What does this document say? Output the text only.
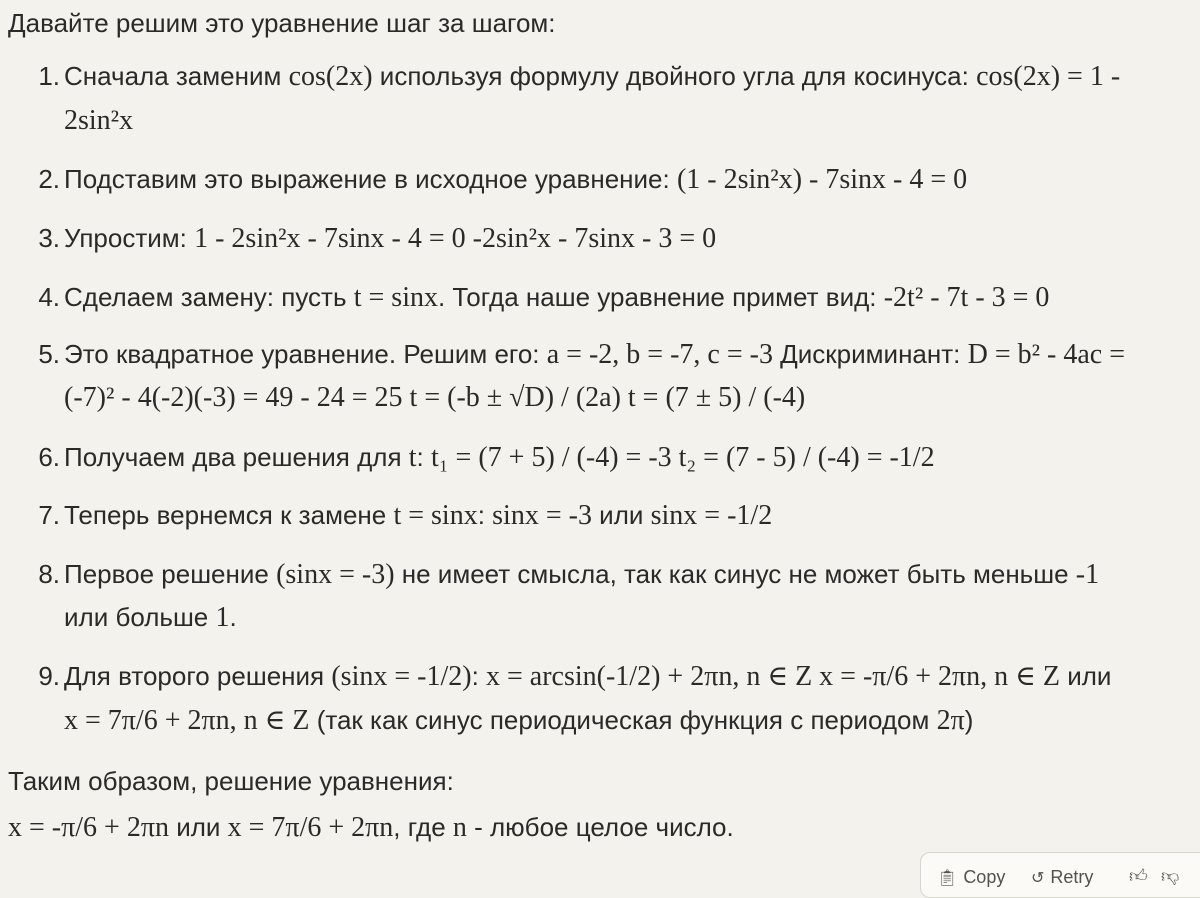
Давайте решим это уравнение шаг за шагом:
1. Сначала заменим cos(2x) используя формулу двойного угла для косинуса: cos(2x) = 1 -
2sin²x
2. Подставим это выражение в исходное уравнение: (1 - 2sin²x) - 7sinx - 4 = 0
3. Упростим: 1 - 2sin²x - 7sinx - 4 = 0 -2sin²x - 7sinx - 3 = 0
4. Сделаем замену: пусть t = sinx. Тогда наше уравнение примет вид: -2t² - 7t - 3 = 0
5. Это квадратное уравнение. Решим его: a = -2, b = -7, c = -3 Дискриминант: D = b² - 4ac =
(-7)² - 4(-2)(-3) = 49 - 24 = 25 t = (-b ± √D) / (2a) t = (7 ± 5) / (-4)
6. Получаем два решения для t: t₁ = (7 + 5) / (-4) = -3 t₂ = (7 - 5) / (-4) = -1/2
7. Теперь вернемся к замене t = sinx: sinx = -3 или sinx = -1/2
8. Первое решение (sinx = -3) не имеет смысла, так как синус не может быть меньше -1
или больше 1.
9. Для второго решения (sinx = -1/2): x = arcsin(-1/2) + 2πn, n ∈ Z x = -π/6 + 2πn, n ∈ Z или
x = 7π/6 + 2πn, n ∈ Z (так как синус периодическая функция с периодом 2π)
Таким образом, решение уравнения:
x = -π/6 + 2πn или x = 7π/6 + 2πn, где n - любое целое число.
📋︎ Copy ↺ Retry 👍︎ 👎︎
